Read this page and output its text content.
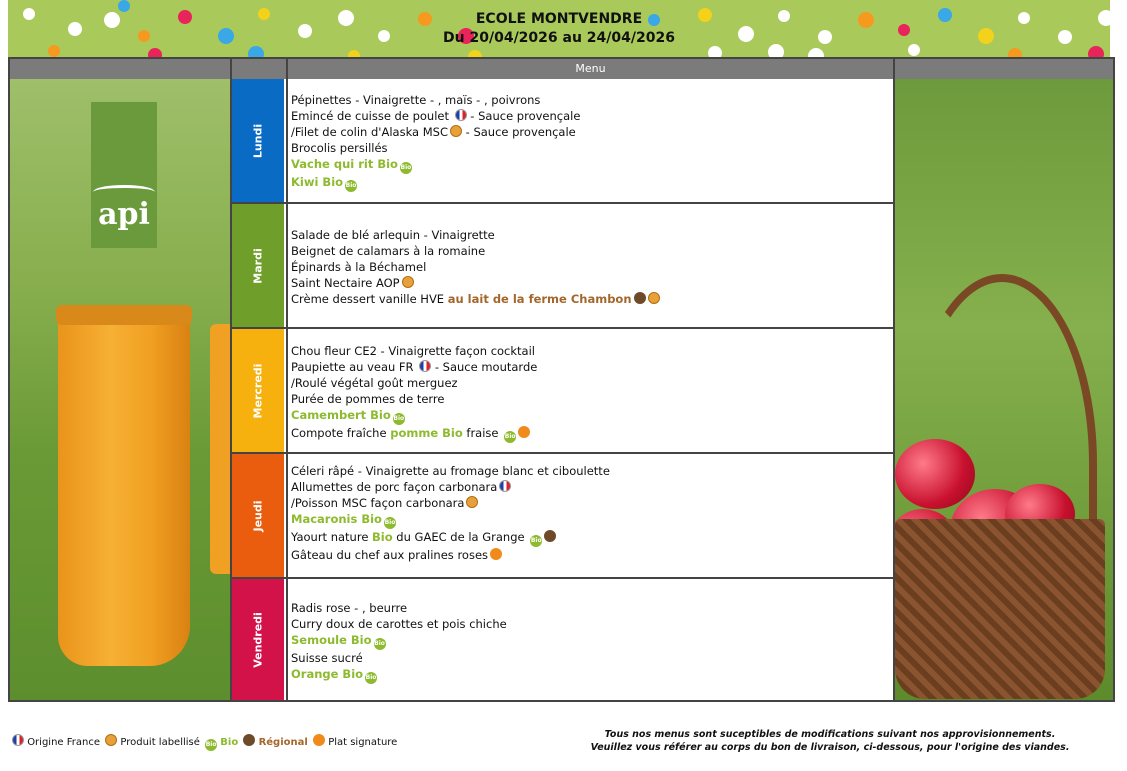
ECOLE MONTVENDRE
Du 20/04/2026 au 24/04/2026
Menu
api
Lundi
Pépinettes - Vinaigrette - , maïs - , poivrons
Emincé de cuisse de poulet  - Sauce provençale
/Filet de colin d'Alaska MSC - Sauce provençale
Brocolis persillés
Vache qui rit Bio Bio
Kiwi Bio Bio
Mardi
Salade de blé arlequin - Vinaigrette
Beignet de calamars à la romaine
Épinards à la Béchamel
Saint Nectaire AOP
Crème dessert vanille HVE au lait de la ferme Chambon
Mercredi
Chou fleur CE2 - Vinaigrette façon cocktail
Paupiette au veau FR  - Sauce moutarde
/Roulé végétal goût merguez
Purée de pommes de terre
Camembert Bio Bio
Compote fraîche pomme Bio fraise Bio
Jeudi
Céleri râpé - Vinaigrette au fromage blanc et ciboulette
Allumettes de porc façon carbonara
/Poisson MSC façon carbonara
Macaronis Bio Bio
Yaourt nature Bio du GAEC de la Grange Bio
Gâteau du chef aux pralines roses
Vendredi
Radis rose - , beurre
Curry doux de carottes et pois chiche
Semoule Bio Bio
Suisse sucré
Orange Bio Bio
Origine France Produit labellisé Bio Bio Régional Plat signature
Tous nos menus sont suceptibles de modifications suivant nos approvisionnements.
Veuillez vous référer au corps du bon de livraison, ci-dessous, pour l'origine des viandes.
